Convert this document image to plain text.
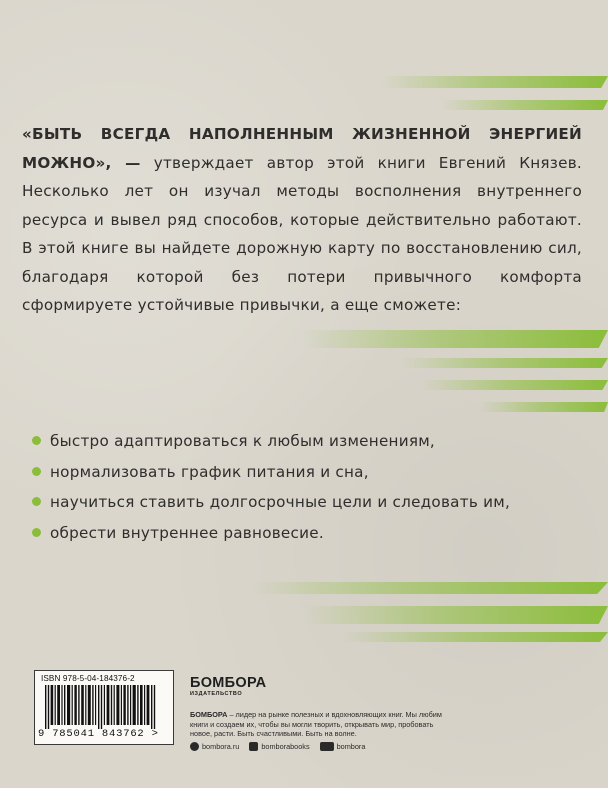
«БЫТЬ ВСЕГДА НАПОЛНЕННЫМ ЖИЗНЕННОЙ ЭНЕРГИЕЙ МОЖНО», — утверждает автор этой книги Евгений Князев. Несколько лет он изучал методы восполнения внутреннего ресурса и вывел ряд способов, которые действительно работают. В этой книге вы найдете дорожную карту по восстановлению сил, благодаря которой без потери привычного комфорта сформируете устойчивые привычки, а еще сможете:
быстро адаптироваться к любым изменениям,
нормализовать график питания и сна,
научиться ставить долгосрочные цели и следовать им,
обрести внутреннее равновесие.
ISBN 978-5-04-184376-2
9 785041 843762 >
БОМБОРА
ИЗДАТЕЛЬСТВО
БОМБОРА – лидер на рынке полезных и вдохновляющих книг. Мы любим книги и создаем их, чтобы вы могли творить, открывать мир, пробовать новое, расти. Быть счастливыми. Быть на волне.
bombora.ru	bomborabooks	bombora
